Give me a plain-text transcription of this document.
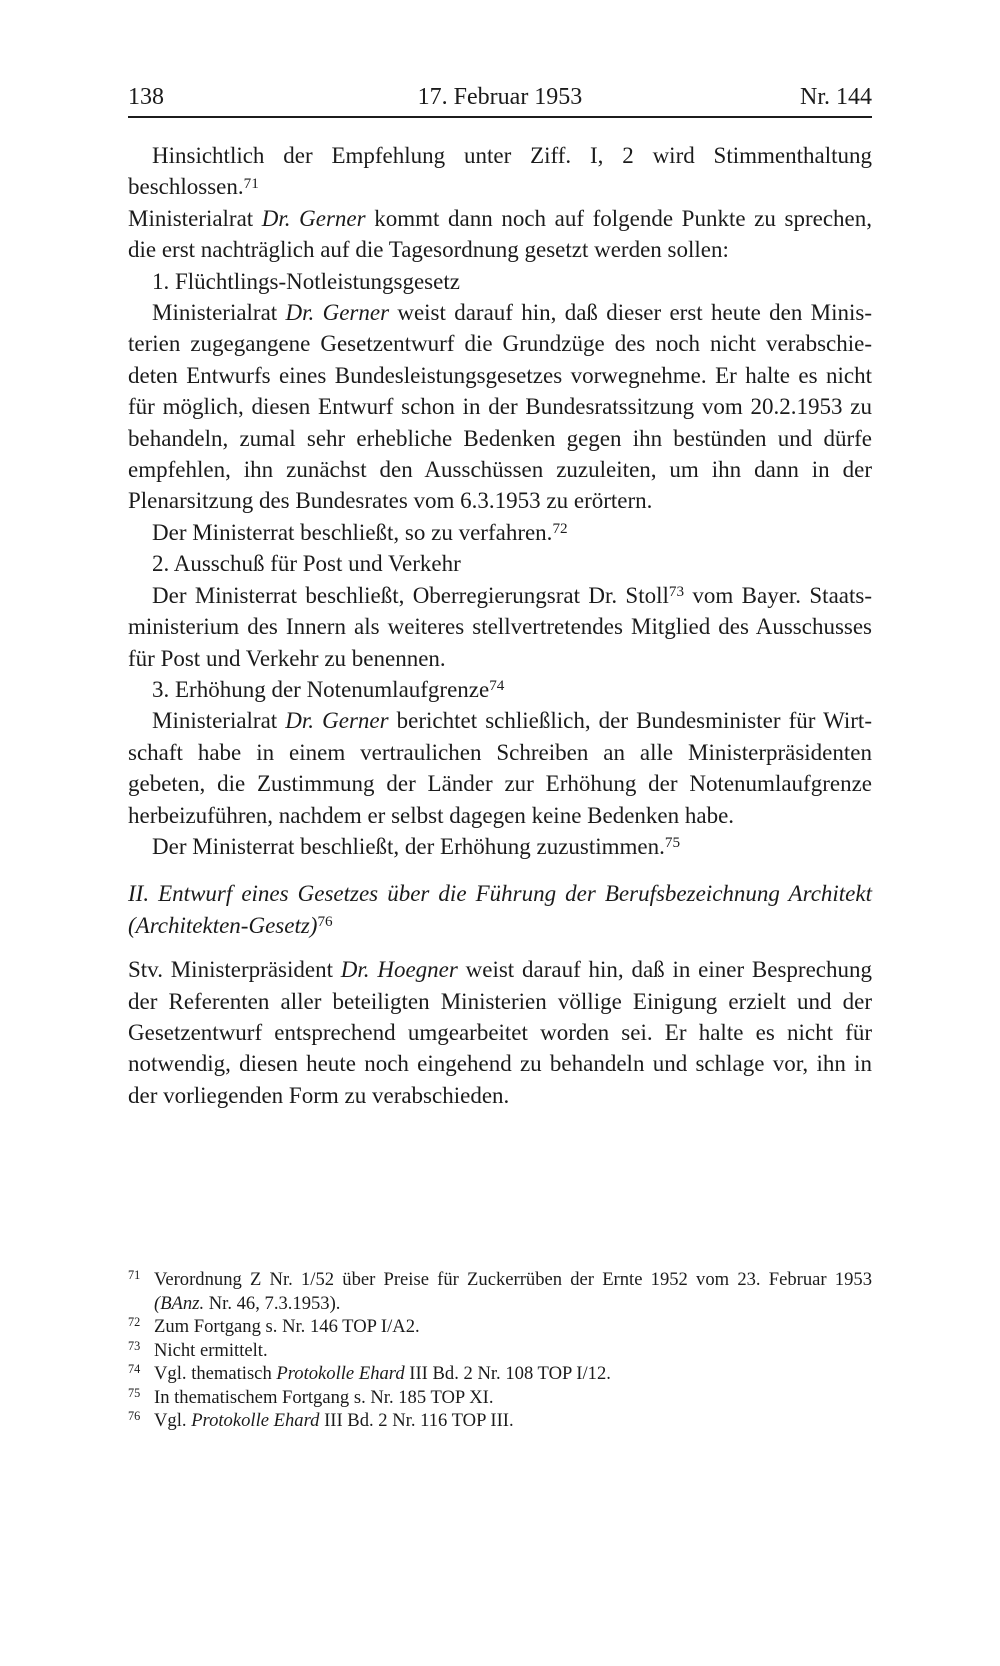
138	17. Februar 1953	Nr. 144

Hinsichtlich der Empfehlung unter Ziff. I, 2 wird Stimmenthaltung beschlossen.$^{71}$

Ministerialrat Dr. Gerner kommt dann noch auf folgende Punkte zu sprechen, die erst nachträglich auf die Tagesordnung gesetzt werden sollen:

1. Flüchtlings-Notleistungsgesetz

Ministerialrat Dr. Gerner weist darauf hin, daß dieser erst heute den Ministerien zugegangene Gesetzentwurf die Grundzüge des noch nicht verabschiedeten Entwurfs eines Bundesleistungsgesetzes vorwegnehme. Er halte es nicht für möglich, diesen Entwurf schon in der Bundesratssitzung vom 20.2.1953 zu behandeln, zumal sehr erhebliche Bedenken gegen ihn bestünden und dürfe empfehlen, ihn zunächst den Ausschüssen zuzuleiten, um ihn dann in der Plenarsitzung des Bundesrates vom 6.3.1953 zu erörtern.

Der Ministerrat beschließt, so zu verfahren.$^{72}$

2. Ausschuß für Post und Verkehr

Der Ministerrat beschließt, Oberregierungsrat Dr. Stoll$^{73}$ vom Bayer. Staatsministerium des Innern als weiteres stellvertretendes Mitglied des Ausschusses für Post und Verkehr zu benennen.

3. Erhöhung der Notenumlaufgrenze$^{74}$

Ministerialrat Dr. Gerner berichtet schließlich, der Bundesminister für Wirtschaft habe in einem vertraulichen Schreiben an alle Ministerpräsidenten gebeten, die Zustimmung der Länder zur Erhöhung der Notenumlaufgrenze herbeizuführen, nachdem er selbst dagegen keine Bedenken habe.

Der Ministerrat beschließt, der Erhöhung zuzustimmen.$^{75}$

II. Entwurf eines Gesetzes über die Führung der Berufsbezeichnung Architekt (Architekten-Gesetz)$^{76}$

Stv. Ministerpräsident Dr. Hoegner weist darauf hin, daß in einer Besprechung der Referenten aller beteiligten Ministerien völlige Einigung erzielt und der Gesetzentwurf entsprechend umgearbeitet worden sei. Er halte es nicht für notwendig, diesen heute noch eingehend zu behandeln und schlage vor, ihn in der vorliegenden Form zu verabschieden.

$^{71}$ Verordnung Z Nr. 1/52 über Preise für Zuckerrüben der Ernte 1952 vom 23. Februar 1953 (BAnz. Nr. 46, 7.3.1953).
$^{72}$ Zum Fortgang s. Nr. 146 TOP I/A2.
$^{73}$ Nicht ermittelt.
$^{74}$ Vgl. thematisch Protokolle Ehard III Bd. 2 Nr. 108 TOP I/12.
$^{75}$ In thematischem Fortgang s. Nr. 185 TOP XI.
$^{76}$ Vgl. Protokolle Ehard III Bd. 2 Nr. 116 TOP III.
